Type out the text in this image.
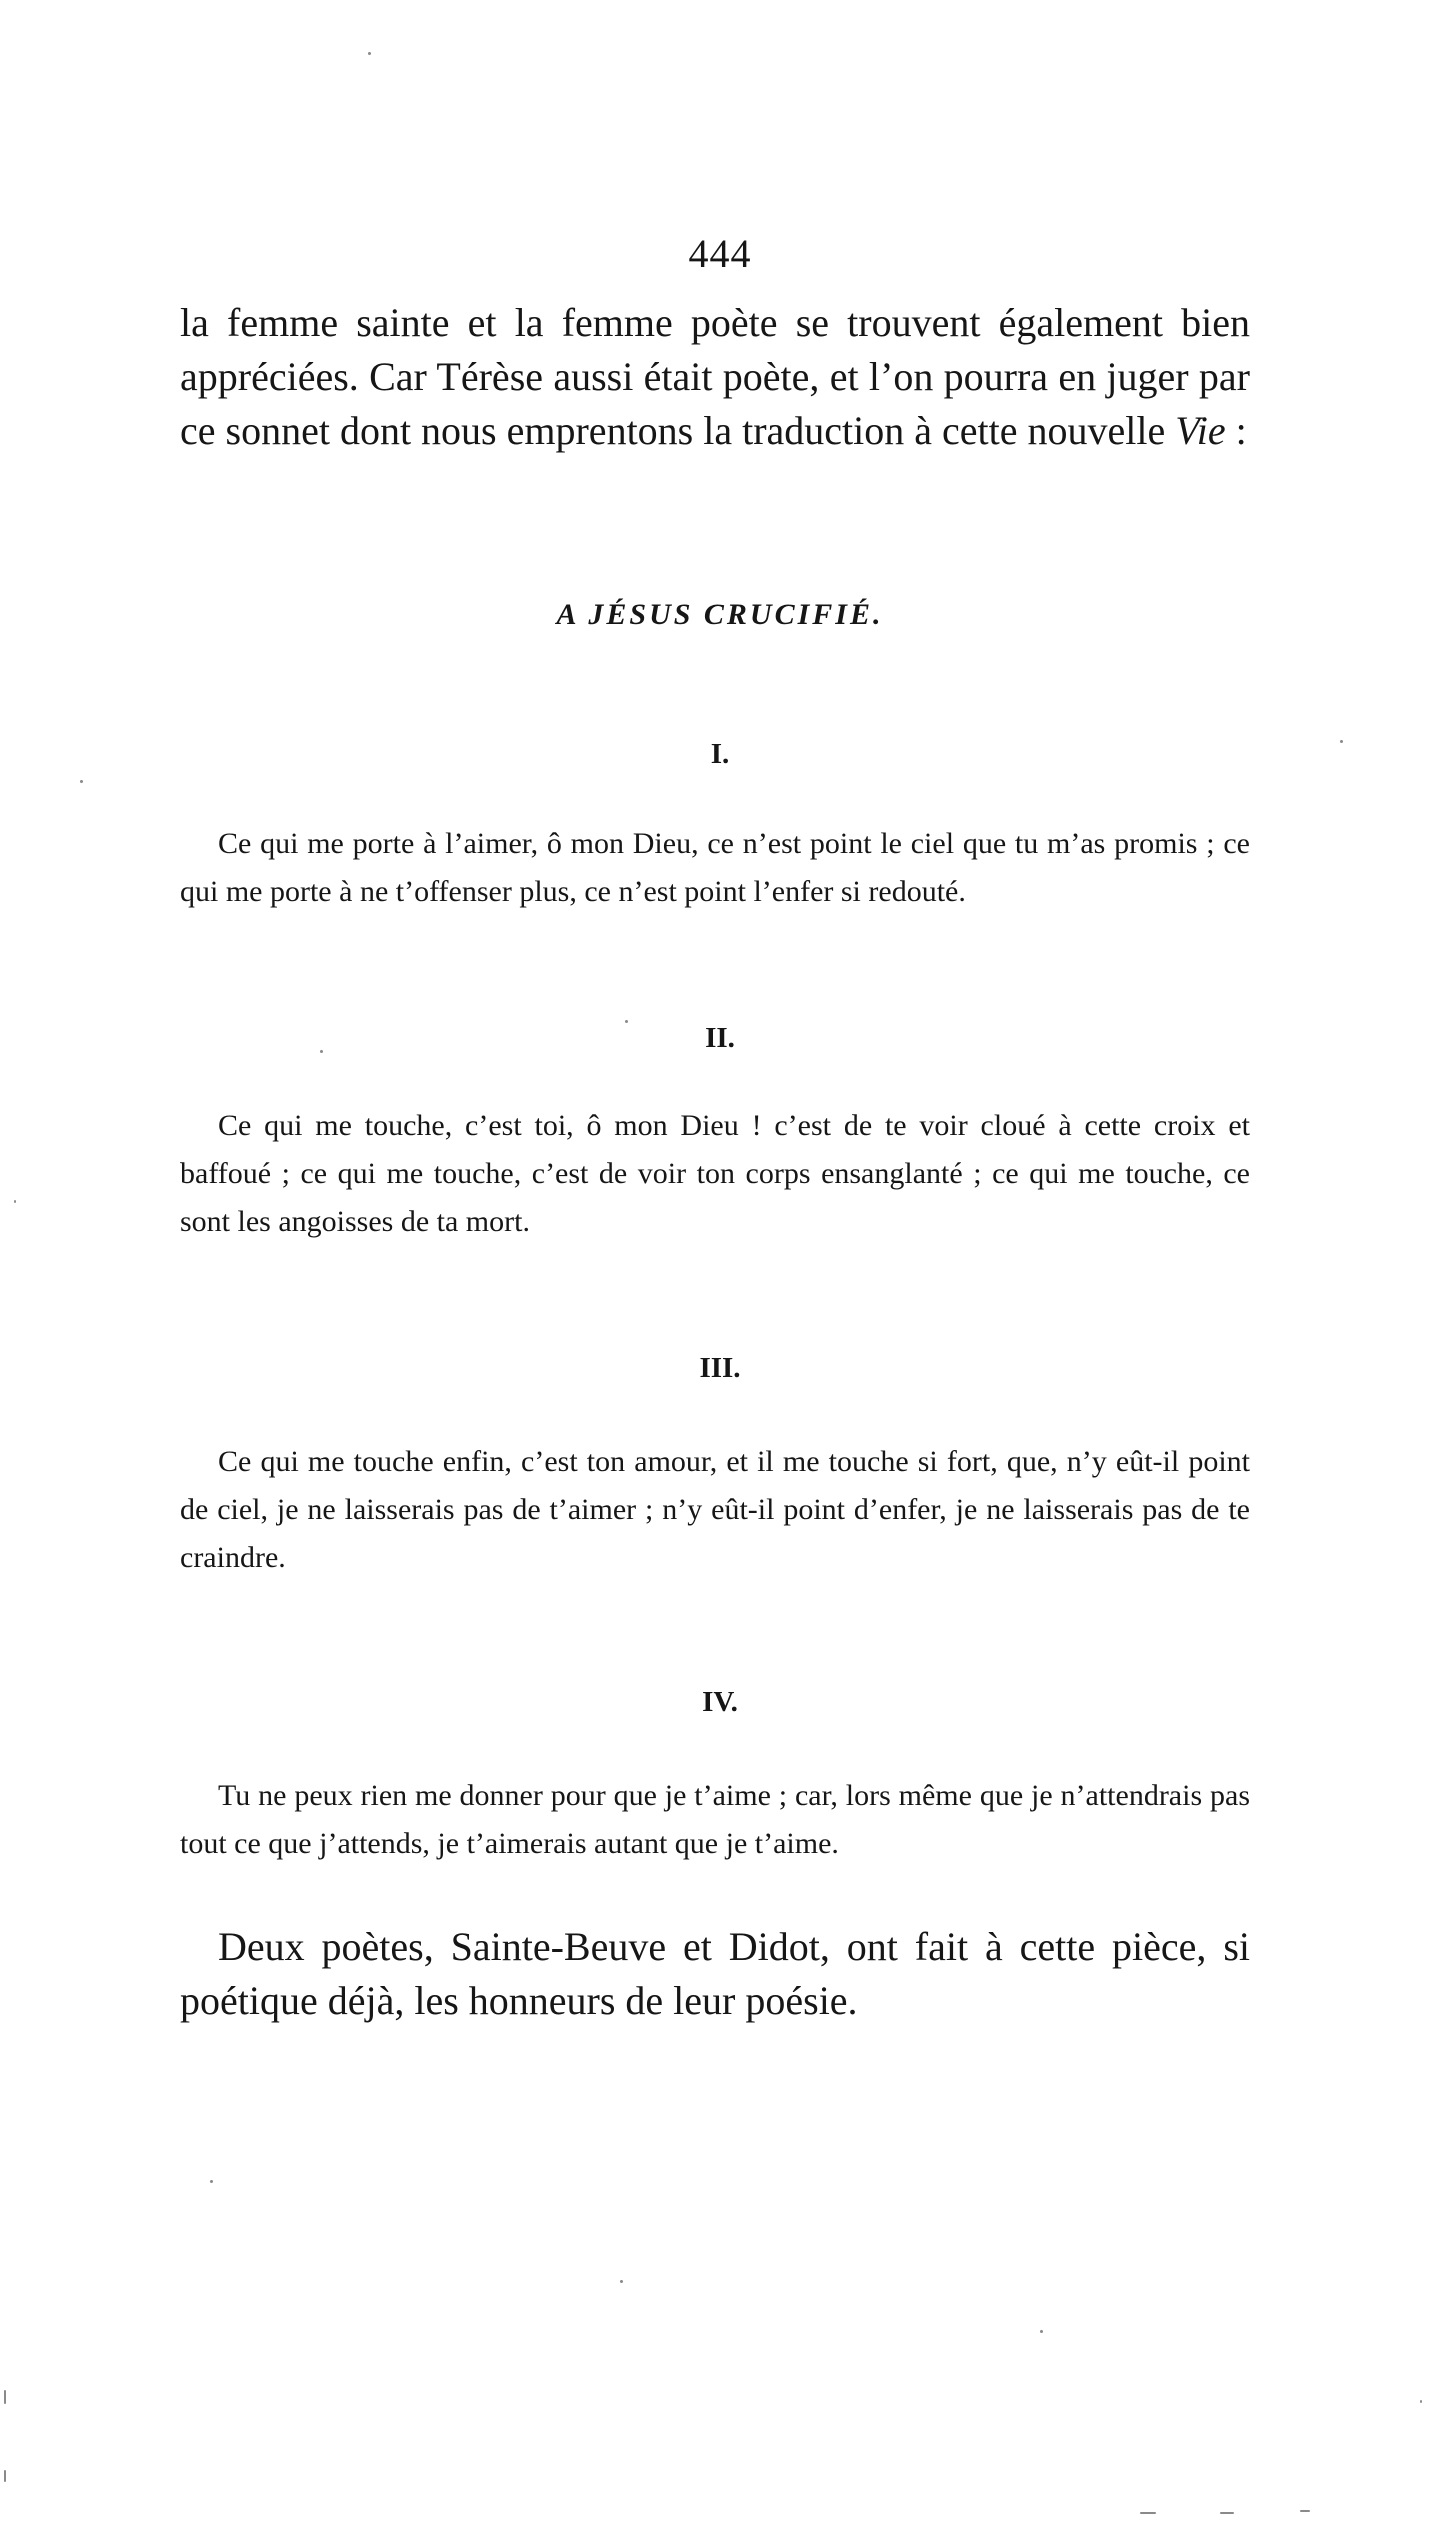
444

la femme sainte et la femme poète se trouvent également bien appréciées. Car Térèse aussi était poète, et l’on pourra en juger par ce sonnet dont nous emprentons la traduction à cette nouvelle Vie :

A JÉSUS CRUCIFIÉ.
I.

Ce qui me porte à l’aimer, ô mon Dieu, ce n’est point le ciel que tu m’as promis ; ce qui me porte à ne t’offenser plus, ce n’est point l’enfer si redouté.

II.

Ce qui me touche, c’est toi, ô mon Dieu ! c’est de te voir cloué à cette croix et baffoué ; ce qui me touche, c’est de voir ton corps ensanglanté ; ce qui me touche, ce sont les angoisses de ta mort.

III.

Ce qui me touche enfin, c’est ton amour, et il me touche si fort, que, n’y eût-il point de ciel, je ne laisserais pas de t’aimer ; n’y eût-il point d’enfer, je ne laisserais pas de te craindre.

IV.

Tu ne peux rien me donner pour que je t’aime ; car, lors même que je n’attendrais pas tout ce que j’attends, je t’aimerais autant que je t’aime.

Deux poètes, Sainte-Beuve et Didot, ont fait à cette pièce, si poétique déjà, les honneurs de leur poésie.
